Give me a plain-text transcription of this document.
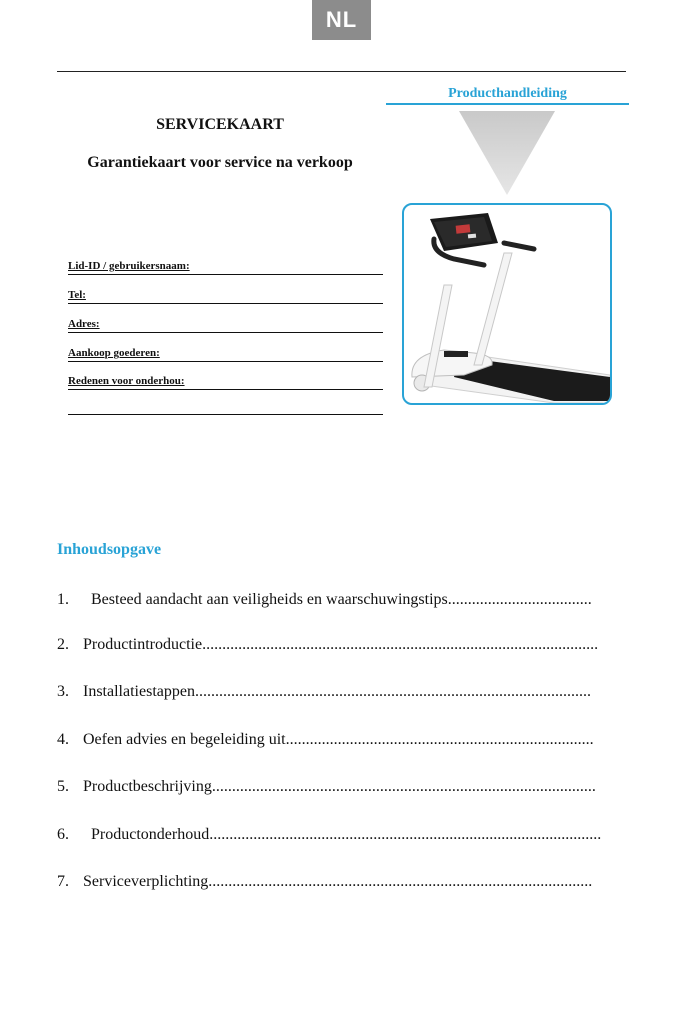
NL
Producthandleiding
SERVICEKAART
Garantiekaart voor service na verkoop
Lid-ID / gebruikersnaam:
Tel:
Adres:
Aankoop goederen:
Redenen voor onderhou:
Inhoudsopgave
1. Besteed aandacht aan veiligheids en waarschuwingstips....................................
2. Productintroductie...................................................................................................
3. Installatiestappen...................................................................................................
4. Oefen advies en begeleiding uit.............................................................................
5. Productbeschrijving................................................................................................
6. Productonderhoud..................................................................................................
7. Serviceverplichting................................................................................................
